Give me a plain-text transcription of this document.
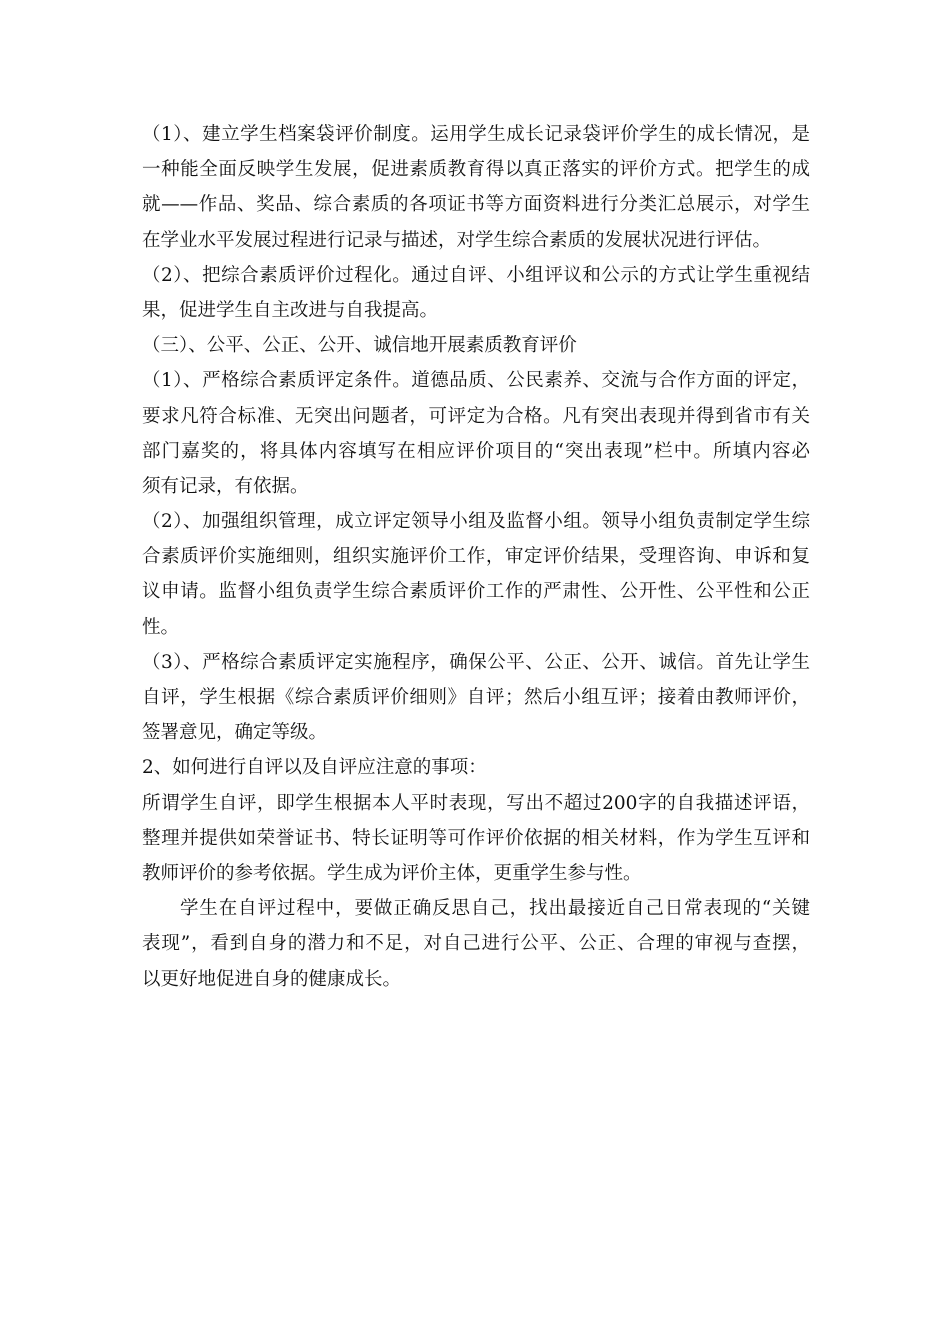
（1）、建立学生档案袋评价制度。运用学生成长记录袋评价学生的成长情况，是
一种能全面反映学生发展，促进素质教育得以真正落实的评价方式。把学生的成
就——作品、奖品、综合素质的各项证书等方面资料进行分类汇总展示，对学生
在学业水平发展过程进行记录与描述，对学生综合素质的发展状况进行评估。
（2）、把综合素质评价过程化。通过自评、小组评议和公示的方式让学生重视结
果，促进学生自主改进与自我提高。
（三）、公平、公正、公开、诚信地开展素质教育评价
（1）、严格综合素质评定条件。道德品质、公民素养、交流与合作方面的评定，
要求凡符合标准、无突出问题者，可评定为合格。凡有突出表现并得到省市有关
部门嘉奖的，将具体内容填写在相应评价项目的“突出表现”栏中。所填内容必
须有记录，有依据。
（2）、加强组织管理，成立评定领导小组及监督小组。领导小组负责制定学生综
合素质评价实施细则，组织实施评价工作，审定评价结果，受理咨询、申诉和复
议申请。监督小组负责学生综合素质评价工作的严肃性、公开性、公平性和公正
性。
（3）、严格综合素质评定实施程序，确保公平、公正、公开、诚信。首先让学生
自评，学生根据《综合素质评价细则》自评；然后小组互评；接着由教师评价，
签署意见，确定等级。
2、如何进行自评以及自评应注意的事项：
所谓学生自评，即学生根据本人平时表现，写出不超过200字的自我描述评语，
整理并提供如荣誉证书、特长证明等可作评价依据的相关材料，作为学生互评和
教师评价的参考依据。学生成为评价主体，更重学生参与性。
学生在自评过程中，要做正确反思自己，找出最接近自己日常表现的“关键
表现”，看到自身的潜力和不足，对自己进行公平、公正、合理的审视与查摆，
以更好地促进自身的健康成长。
